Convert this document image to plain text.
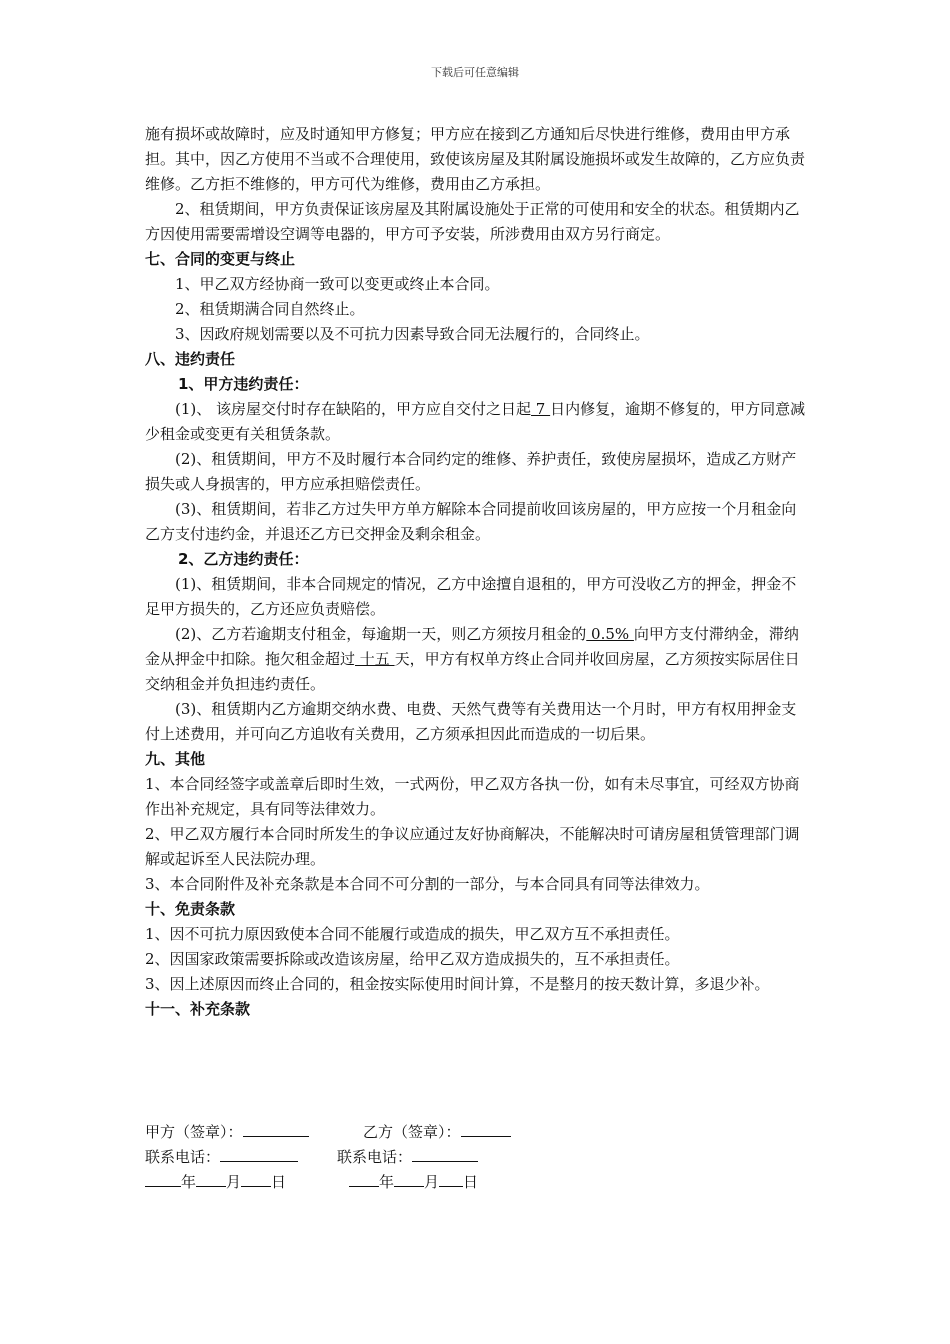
下载后可任意编辑

施有损坏或故障时，应及时通知甲方修复；甲方应在接到乙方通知后尽快进行维修，费用由甲方承担。其中，因乙方使用不当或不合理使用，致使该房屋及其附属设施损坏或发生故障的，乙方应负责维修。乙方拒不维修的，甲方可代为维修，费用由乙方承担。

2、租赁期间，甲方负责保证该房屋及其附属设施处于正常的可使用和安全的状态。租赁期内乙方因使用需要需增设空调等电器的，甲方可予安装，所涉费用由双方另行商定。

七、合同的变更与终止

1、甲乙双方经协商一致可以变更或终止本合同。

2、租赁期满合同自然终止。

3、因政府规划需要以及不可抗力因素导致合同无法履行的，合同终止。

八、违约责任

1、甲方违约责任：

(1)、 该房屋交付时存在缺陷的，甲方应自交付之日起 7 日内修复，逾期不修复的，甲方同意减少租金或变更有关租赁条款。

(2)、租赁期间，甲方不及时履行本合同约定的维修、养护责任，致使房屋损坏，造成乙方财产损失或人身损害的，甲方应承担赔偿责任。

(3)、租赁期间，若非乙方过失甲方单方解除本合同提前收回该房屋的，甲方应按一个月租金向乙方支付违约金，并退还乙方已交押金及剩余租金。

2、乙方违约责任：

(1)、租赁期间，非本合同规定的情况，乙方中途擅自退租的，甲方可没收乙方的押金，押金不足甲方损失的，乙方还应负责赔偿。

(2)、乙方若逾期支付租金，每逾期一天，则乙方须按月租金的 0.5% 向甲方支付滞纳金，滞纳金从押金中扣除。拖欠租金超过 十五 天，甲方有权单方终止合同并收回房屋，乙方须按实际居住日交纳租金并负担违约责任。

(3)、租赁期内乙方逾期交纳水费、电费、天然气费等有关费用达一个月时，甲方有权用押金支付上述费用，并可向乙方追收有关费用，乙方须承担因此而造成的一切后果。

九、其他

1、本合同经签字或盖章后即时生效，一式两份，甲乙双方各执一份，如有未尽事宜，可经双方协商作出补充规定，具有同等法律效力。

2、甲乙双方履行本合同时所发生的争议应通过友好协商解决，不能解决时可请房屋租赁管理部门调解或起诉至人民法院办理。

3、本合同附件及补充条款是本合同不可分割的一部分，与本合同具有同等法律效力。

十、免责条款

1、因不可抗力原因致使本合同不能履行或造成的损失，甲乙双方互不承担责任。

2、因国家政策需要拆除或改造该房屋，给甲乙双方造成损失的，互不承担责任。

3、因上述原因而终止合同的，租金按实际使用时间计算，不是整月的按天数计算，多退少补。

十一、补充条款

甲方（签章）：	乙方（签章）：
联系电话：	联系电话：
年 月 日	年 月 日
